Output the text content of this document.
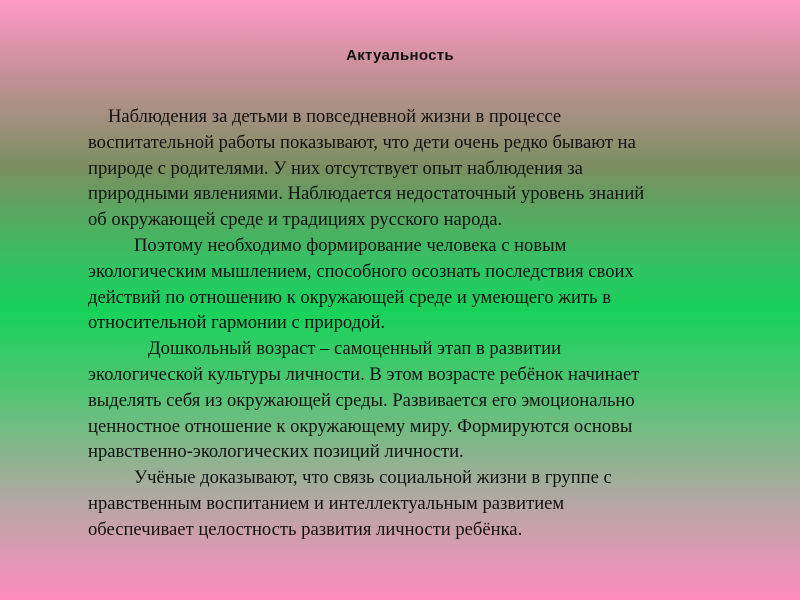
Актуальность
Наблюдения за детьми в повседневной жизни в процессе
воспитательной работы показывают, что дети очень редко бывают на
природе с родителями. У них отсутствует опыт наблюдения за
природными явлениями. Наблюдается недостаточный уровень знаний
об окружающей среде и традициях русского народа.
Поэтому необходимо формирование человека с новым
экологическим мышлением, способного осознать последствия своих
действий по отношению к окружающей среде и умеющего жить в
относительной гармонии с природой.
Дошкольный возраст – самоценный этап в развитии
экологической культуры личности. В этом возрасте ребёнок начинает
выделять себя из окружающей среды. Развивается его эмоционально
ценностное отношение к окружающему миру. Формируются основы
нравственно-экологических позиций личности.
Учёные доказывают, что связь социальной жизни в группе с
нравственным воспитанием и интеллектуальным развитием
обеспечивает целостность развития личности ребёнка.
